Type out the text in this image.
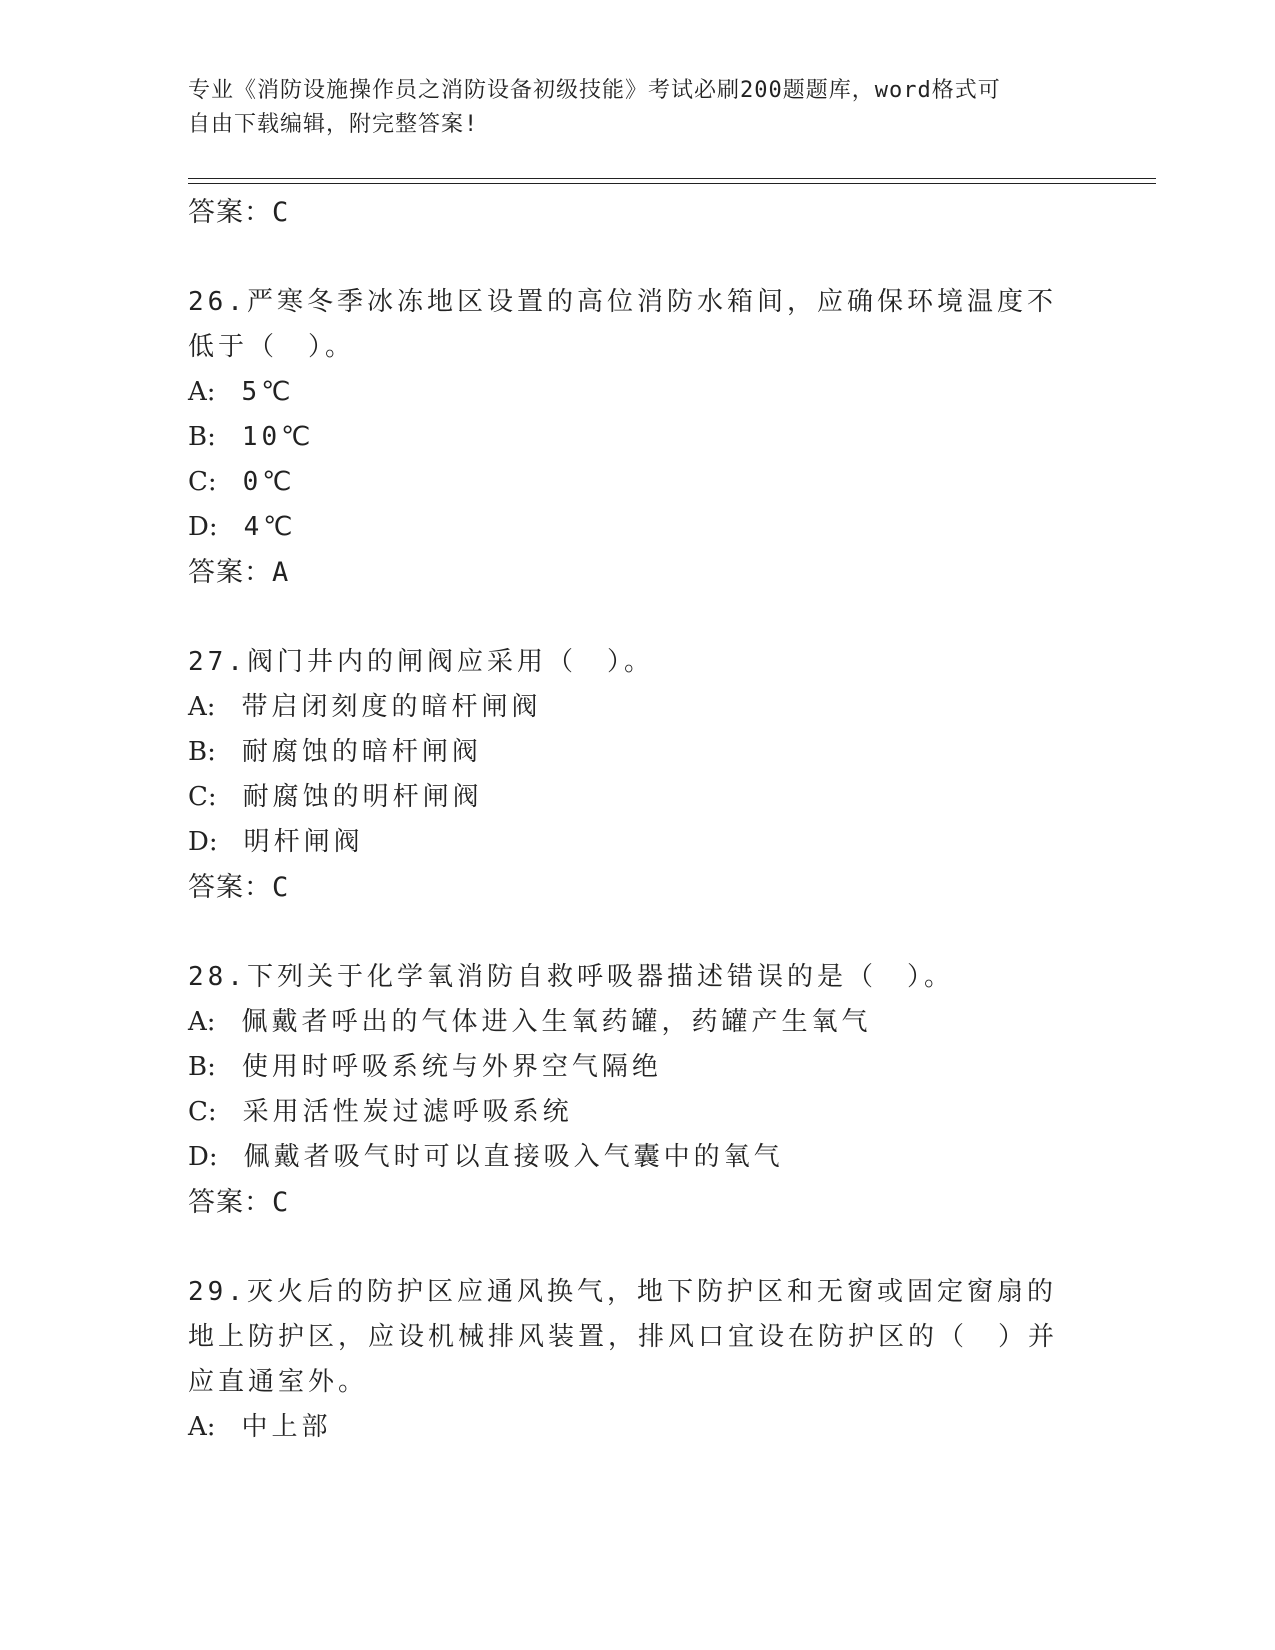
专业《消防设施操作员之消防设备初级技能》考试必刷200题题库，word格式可
自由下载编辑，附完整答案!
答案：C
26.严寒冬季冰冻地区设置的高位消防水箱间，应确保环境温度不低于（　）。
A: 5℃
B: 10℃
C: 0℃
D: 4℃
答案：A
27.阀门井内的闸阀应采用（　）。
A: 带启闭刻度的暗杆闸阀
B: 耐腐蚀的暗杆闸阀
C: 耐腐蚀的明杆闸阀
D: 明杆闸阀
答案：C
28.下列关于化学氧消防自救呼吸器描述错误的是（　）。
A: 佩戴者呼出的气体进入生氧药罐，药罐产生氧气
B: 使用时呼吸系统与外界空气隔绝
C: 采用活性炭过滤呼吸系统
D: 佩戴者吸气时可以直接吸入气囊中的氧气
答案：C
29.灭火后的防护区应通风换气，地下防护区和无窗或固定窗扇的地上防护区，应设机械排风装置，排风口宜设在防护区的（　）并应直通室外。
A: 中上部
